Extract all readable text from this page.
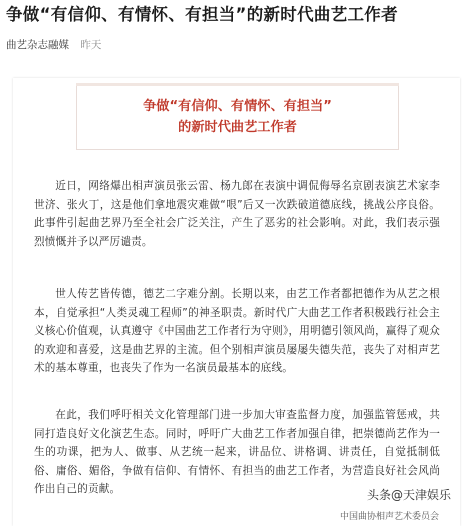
争做“有信仰、有情怀、有担当”的新时代曲艺工作者
曲艺杂志融媒 昨天
争做“有信仰、有情怀、有担当”
的新时代曲艺工作者

近日，网络爆出相声演员张云雷、杨九郎在表演中调侃侮辱名京剧表演艺术家李世济、张火丁，这是他们拿地震灾难做“哏”后又一次跌破道德底线，挑战公序良俗。此事件引起曲艺界乃至全社会广泛关注，产生了恶劣的社会影响。对此，我们表示强烈愤慨并予以严厉谴责。

世人传艺皆传德，德艺二字难分割。长期以来，由艺工作者都把德作为从艺之根本，自觉承担“人类灵魂工程师”的神圣职责。新时代广大曲艺工作者积极践行社会主义核心价值观，认真遵守《中国曲艺工作者行为守则》，用明德引领风尚，赢得了观众的欢迎和喜爱，这是曲艺界的主流。但个别相声演员屡屡失德失范，丧失了对相声艺术的基本尊重，也丧失了作为一名演员最基本的底线。

在此，我们呼吁相关文化管理部门进一步加大审查监督力度，加强监管惩戒，共同打造良好文化演艺生态。同时，呼吁广大曲艺工作者加强自律，把崇德尚艺作为一生的功课，把为人、做事、从艺统一起来，讲品位、讲格调、讲责任，自觉抵制低俗、庸俗、媚俗，争做有信仰、有情怀、有担当的曲艺工作者，为营造良好社会风尚作出自己的贡献。	头条@天津娱乐
中国曲协相声艺术委员会
